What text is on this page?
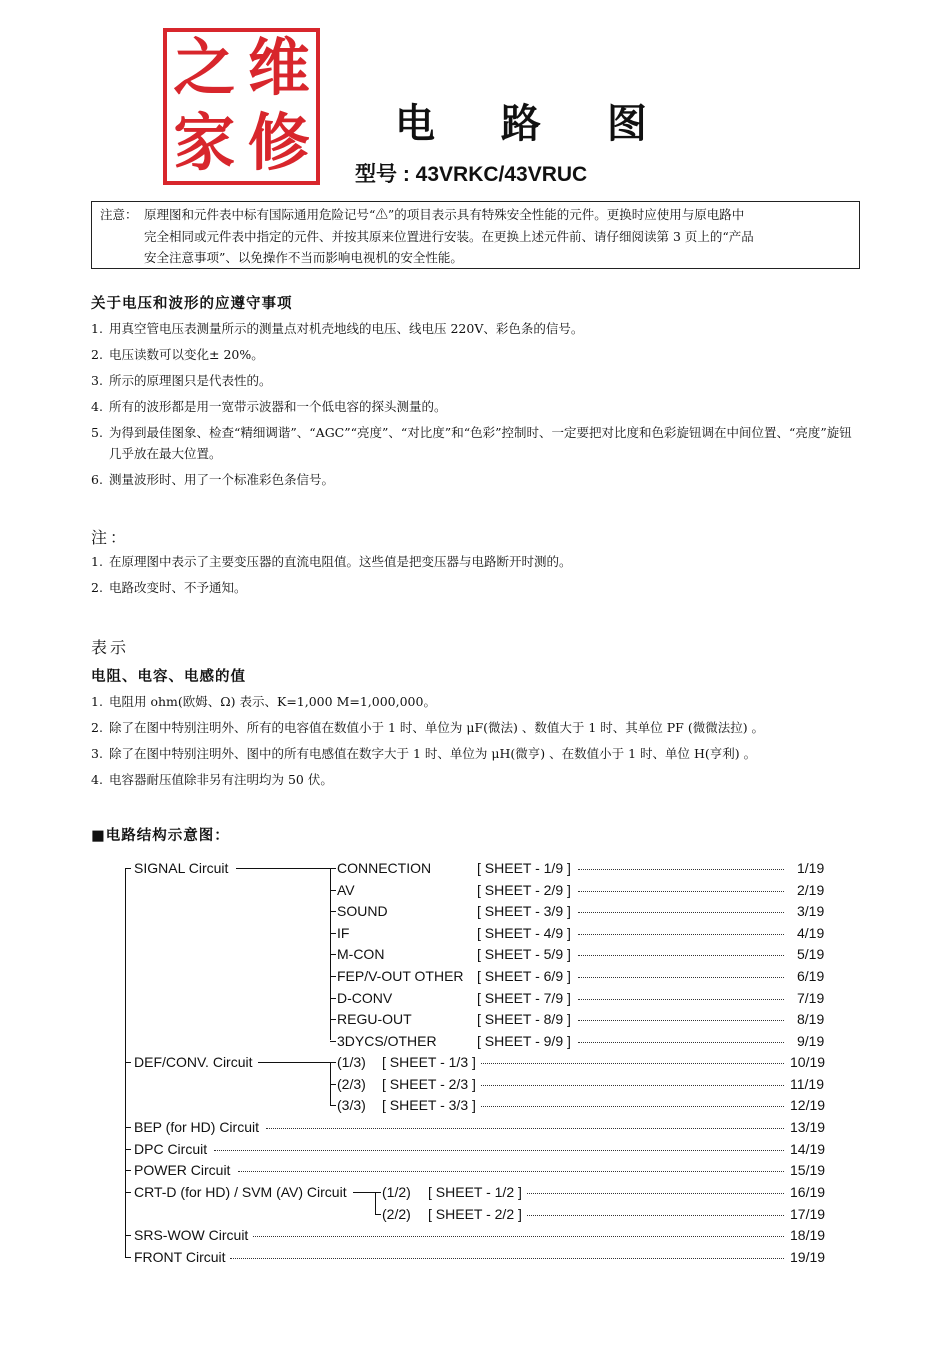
之 维
家 修 电 路 图
型号 : 43VRKC/43VRUC
注意： 原理图和元件表中标有国际通用危险记号“⚠”的项目表示具有特殊安全性能的元件。更换时应使用与原电路中
完全相同或元件表中指定的元件、并按其原来位置进行安装。在更换上述元件前、请仔细阅读第 3 页上的“产品
安全注意事项”、以免操作不当而影响电视机的安全性能。
关于电压和波形的应遵守事项
1. 用真空管电压表测量所示的测量点对机壳地线的电压、线电压 220V、彩色条的信号。
2. 电压读数可以变化± 20%。
3. 所示的原理图只是代表性的。
4. 所有的波形都是用一宽带示波器和一个低电容的探头测量的。
5. 为得到最佳图象、检查“精细调谐”、“AGC”“亮度”、“对比度”和“色彩”控制时、一定要把对比度和色彩旋钮调在中间位置、“亮度”旋钮几乎放在最大位置。
6. 测量波形时、用了一个标准彩色条信号。
注：
1. 在原理图中表示了主要变压器的直流电阻值。这些值是把变压器与电路断开时测的。
2. 电路改变时、不予通知。
表示
电阻、电容、电感的值
1. 电阻用 ohm(欧姆、Ω) 表示、K=1,000 M=1,000,000。
2. 除了在图中特别注明外、所有的电容值在数值小于 1 时、单位为 μF(微法) 、数值大于 1 时、其单位 PF (微微法拉) 。
3. 除了在图中特别注明外、图中的所有电感值在数字大于 1 时、单位为 μH(微亨) 、在数值小于 1 时、单位 H(亨利) 。
4. 电容器耐压值除非另有注明均为 50 伏。
■电路结构示意图：
SIGNAL Circuit	CONNECTION	[ SHEET - 1/9 ]	1/19
AV	[ SHEET - 2/9 ]	2/19
SOUND	[ SHEET - 3/9 ]	3/19
IF	[ SHEET - 4/9 ]	4/19
M-CON	[ SHEET - 5/9 ]	5/19
FEP/V-OUT OTHER [ SHEET - 6/9 ]	6/19
D-CONV	[ SHEET - 7/9 ]	7/19
REGU-OUT	[ SHEET - 8/9 ]	8/19
3DYCS/OTHER	[ SHEET - 9/9 ]	9/19
DEF/CONV. Circuit	(1/3) [ SHEET - 1/3 ]	10/19
(2/3) [ SHEET - 2/3 ]	11/19
(3/3) [ SHEET - 3/3 ]	12/19
BEP (for HD) Circuit	13/19
DPC Circuit	14/19
POWER Circuit	15/19
CRT-D (for HD) / SVM (AV) Circuit	(1/2) [ SHEET - 1/2 ]	16/19
(2/2) [ SHEET - 2/2 ]	17/19
SRS-WOW Circuit	18/19
FRONT Circuit	19/19
